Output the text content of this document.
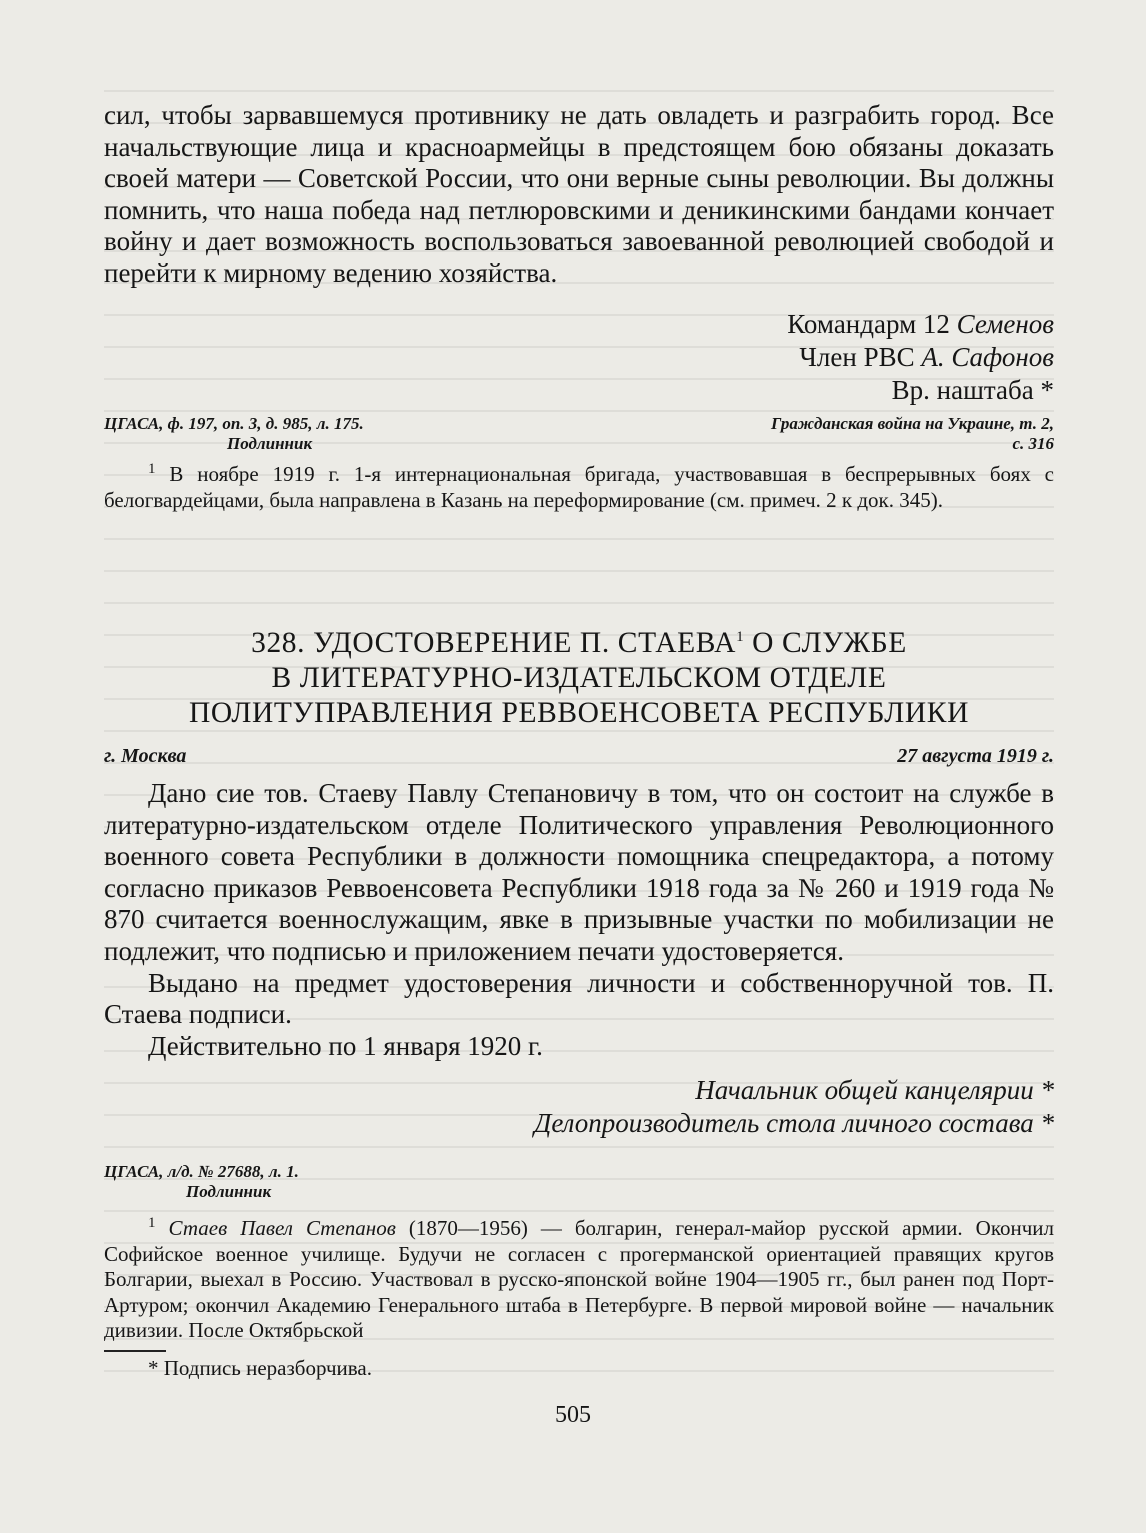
сил, чтобы зарвавшемуся противнику не дать овладеть и разграбить город. Все начальствующие лица и красноармейцы в предстоящем бою обязаны доказать своей матери — Советской России, что они верные сыны революции. Вы должны помнить, что наша победа над петлюровскими и деникинскими бандами кончает войну и дает возможность воспользоваться завоеванной революцией свободой и перейти к мирному ведению хозяйства.

Командарм 12 Семенов
Член РВС А. Сафонов
Вр. наштаба *
ЦГАСА, ф. 197, оп. 3, д. 985, л. 175.
Подлинник
Гражданская война на Украине, т. 2,
с. 316

$^1$ В ноябре 1919 г. 1-я интернациональная бригада, участвовавшая в беспрерывных боях с белогвардейцами, была направлена в Казань на переформирование (см. примеч. 2 к док. 345).

328. УДОСТОВЕРЕНИЕ П. СТАЕВА$^1$ О СЛУЖБЕ
В ЛИТЕРАТУРНО-ИЗДАТЕЛЬСКОМ ОТДЕЛЕ
ПОЛИТУПРАВЛЕНИЯ РЕВВОЕНСОВЕТА РЕСПУБЛИКИ
г. Москва	27 августа 1919 г.

Дано сие тов. Стаеву Павлу Степановичу в том, что он состоит на службе в литературно-издательском отделе Политического управления Революционного военного совета Республики в должности помощника спецредактора, а потому согласно приказов Реввоенсовета Республики 1918 года за № 260 и 1919 года № 870 считается военнослужащим, явке в призывные участки по мобилизации не подлежит, что подписью и приложением печати удостоверяется.

Выдано на предмет удостоверения личности и собственноручной тов. П. Стаева подписи.

Действительно по 1 января 1920 г.

Начальник общей канцелярии *
Делопроизводитель стола личного состава *
ЦГАСА, л/д. № 27688, л. 1.
Подлинник

$^1$ Стаев Павел Степанов (1870—1956) — болгарин, генерал-майор русской армии. Окончил Софийское военное училище. Будучи не согласен с прогерманской ориентацией правящих кругов Болгарии, выехал в Россию. Участвовал в русско-японской войне 1904—1905 гг., был ранен под Порт-Артуром; окончил Академию Генерального штаба в Петербурге. В первой мировой войне — начальник дивизии. После Октябрьской

* Подпись неразборчива.

505
